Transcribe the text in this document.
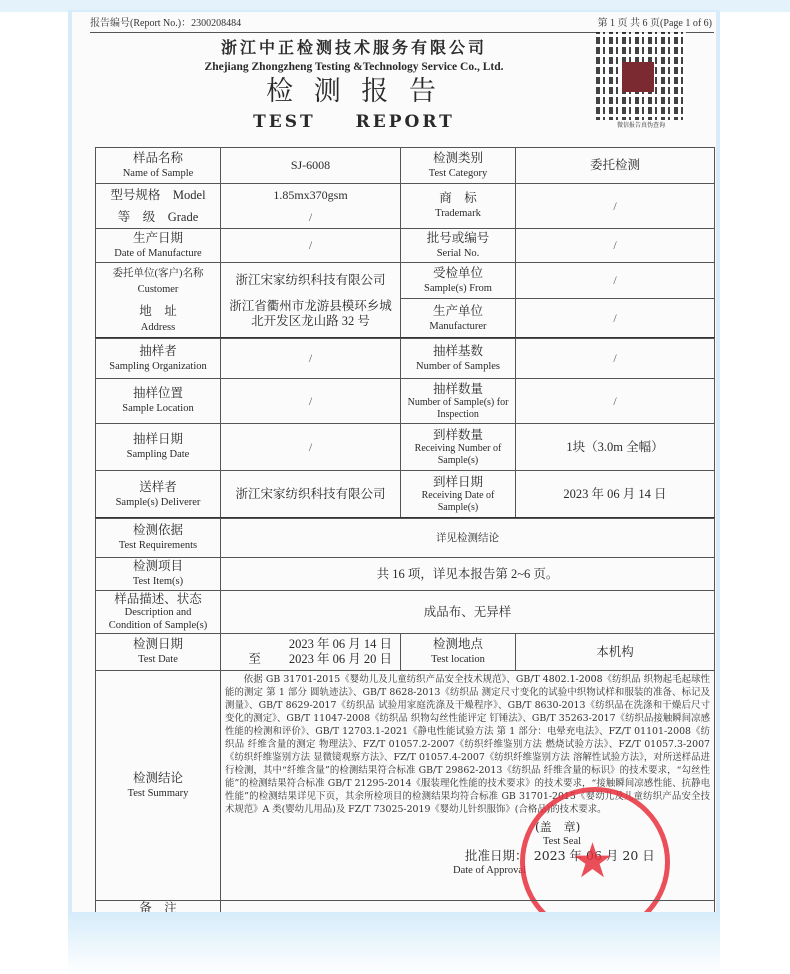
报告编号(Report No.)：2300208484	第 1 页 共 6 页(Page 1 of 6)
浙江中正检测技术服务有限公司
Zhejiang Zhongzheng Testing &Technology Service Co., Ltd.
检 测 报 告
TEST　　REPORT	微信报告真伪查询
样品名称
Name of Sample
SJ-6008
检测类别
Test Category
委托检测
型号规格　Model
等　级　Grade
1.85mx370gsm
/
商　标
Trademark
/
生产日期
Date of Manufacture
/
批号或编号
Serial No.
/
委托单位(客户)名称
Customer
地　址
Address
浙江宋家纺织科技有限公司
浙江省衢州市龙游县模环乡城北开发区龙山路 32 号
受检单位
Sample(s) From
/
生产单位
Manufacturer
/
抽样者
Sampling Organization
/
抽样基数
Number of Samples
/
抽样位置
Sample Location
/
抽样数量
Number of Sample(s) for Inspection
/
抽样日期
Sampling Date
/
到样数量
Receiving Number of Sample(s)
1块（3.0m 全幅）
送样者
Sample(s) Deliverer
浙江宋家纺织科技有限公司
到样日期
Receiving Date of Sample(s)
2023 年 06 月 14 日
检测依据
Test Requirements
详见检测结论
检测项目
Test Item(s)
共 16 项，详见本报告第 2~6 页。
样品描述、状态
Description and
Condition of Sample(s)
成品布、无异样
检测日期
Test Date
2023 年 06 月 14 日
至 2023 年 06 月 20 日
检测地点
Test location
本机构
检测结论
Test Summary

依据 GB 31701-2015《婴幼儿及儿童纺织产品安全技术规范》、GB/T 4802.1-2008《纺织品 织物起毛起球性能的测定 第 1 部分 圆轨迹法》、GB/T 8628-2013《纺织品 测定尺寸变化的试验中织物试样和服装的准备、标记及测量》、GB/T 8629-2017《纺织品 试验用家庭洗涤及干燥程序》、GB/T 8630-2013《纺织品在洗涤和干燥后尺寸变化的测定》、GB/T 11047-2008《纺织品 织物勾丝性能评定 钉锤法》、GB/T 35263-2017《纺织品接触瞬间凉感性能的检测和评价》、GB/T 12703.1-2021《静电性能试验方法 第 1 部分：电晕充电法》、FZ/T 01101-2008《纺织品 纤维含量的测定 物理法》、FZ/T 01057.2-2007《纺织纤维鉴别方法 燃烧试验方法》、FZ/T 01057.3-2007《纺织纤维鉴别方法 显微镜观察方法》、FZ/T 01057.4-2007《纺织纤维鉴别方法 溶解性试验方法》，对所送样品进行检测，其中“纤维含量”的检测结果符合标准 GB/T 29862-2013《纺织品 纤维含量的标识》的技术要求，“勾丝性能”的检测结果符合标准 GB/T 21295-2014《服装理化性能的技术要求》的技术要求，“接触瞬间凉感性能、抗静电性能”的检测结果详见下页，其余所检项目的检测结果均符合标准 GB 31701-2015《婴幼儿及儿童纺织产品安全技术规范》A 类(婴幼儿用品)及 FZ/T 73025-2019《婴幼儿针织服饰》(合格品)的技术要求。

(盖　章)
Test Seal
批准日期：　2023 年 06 月 20 日
Date of Approval ★
备　注
